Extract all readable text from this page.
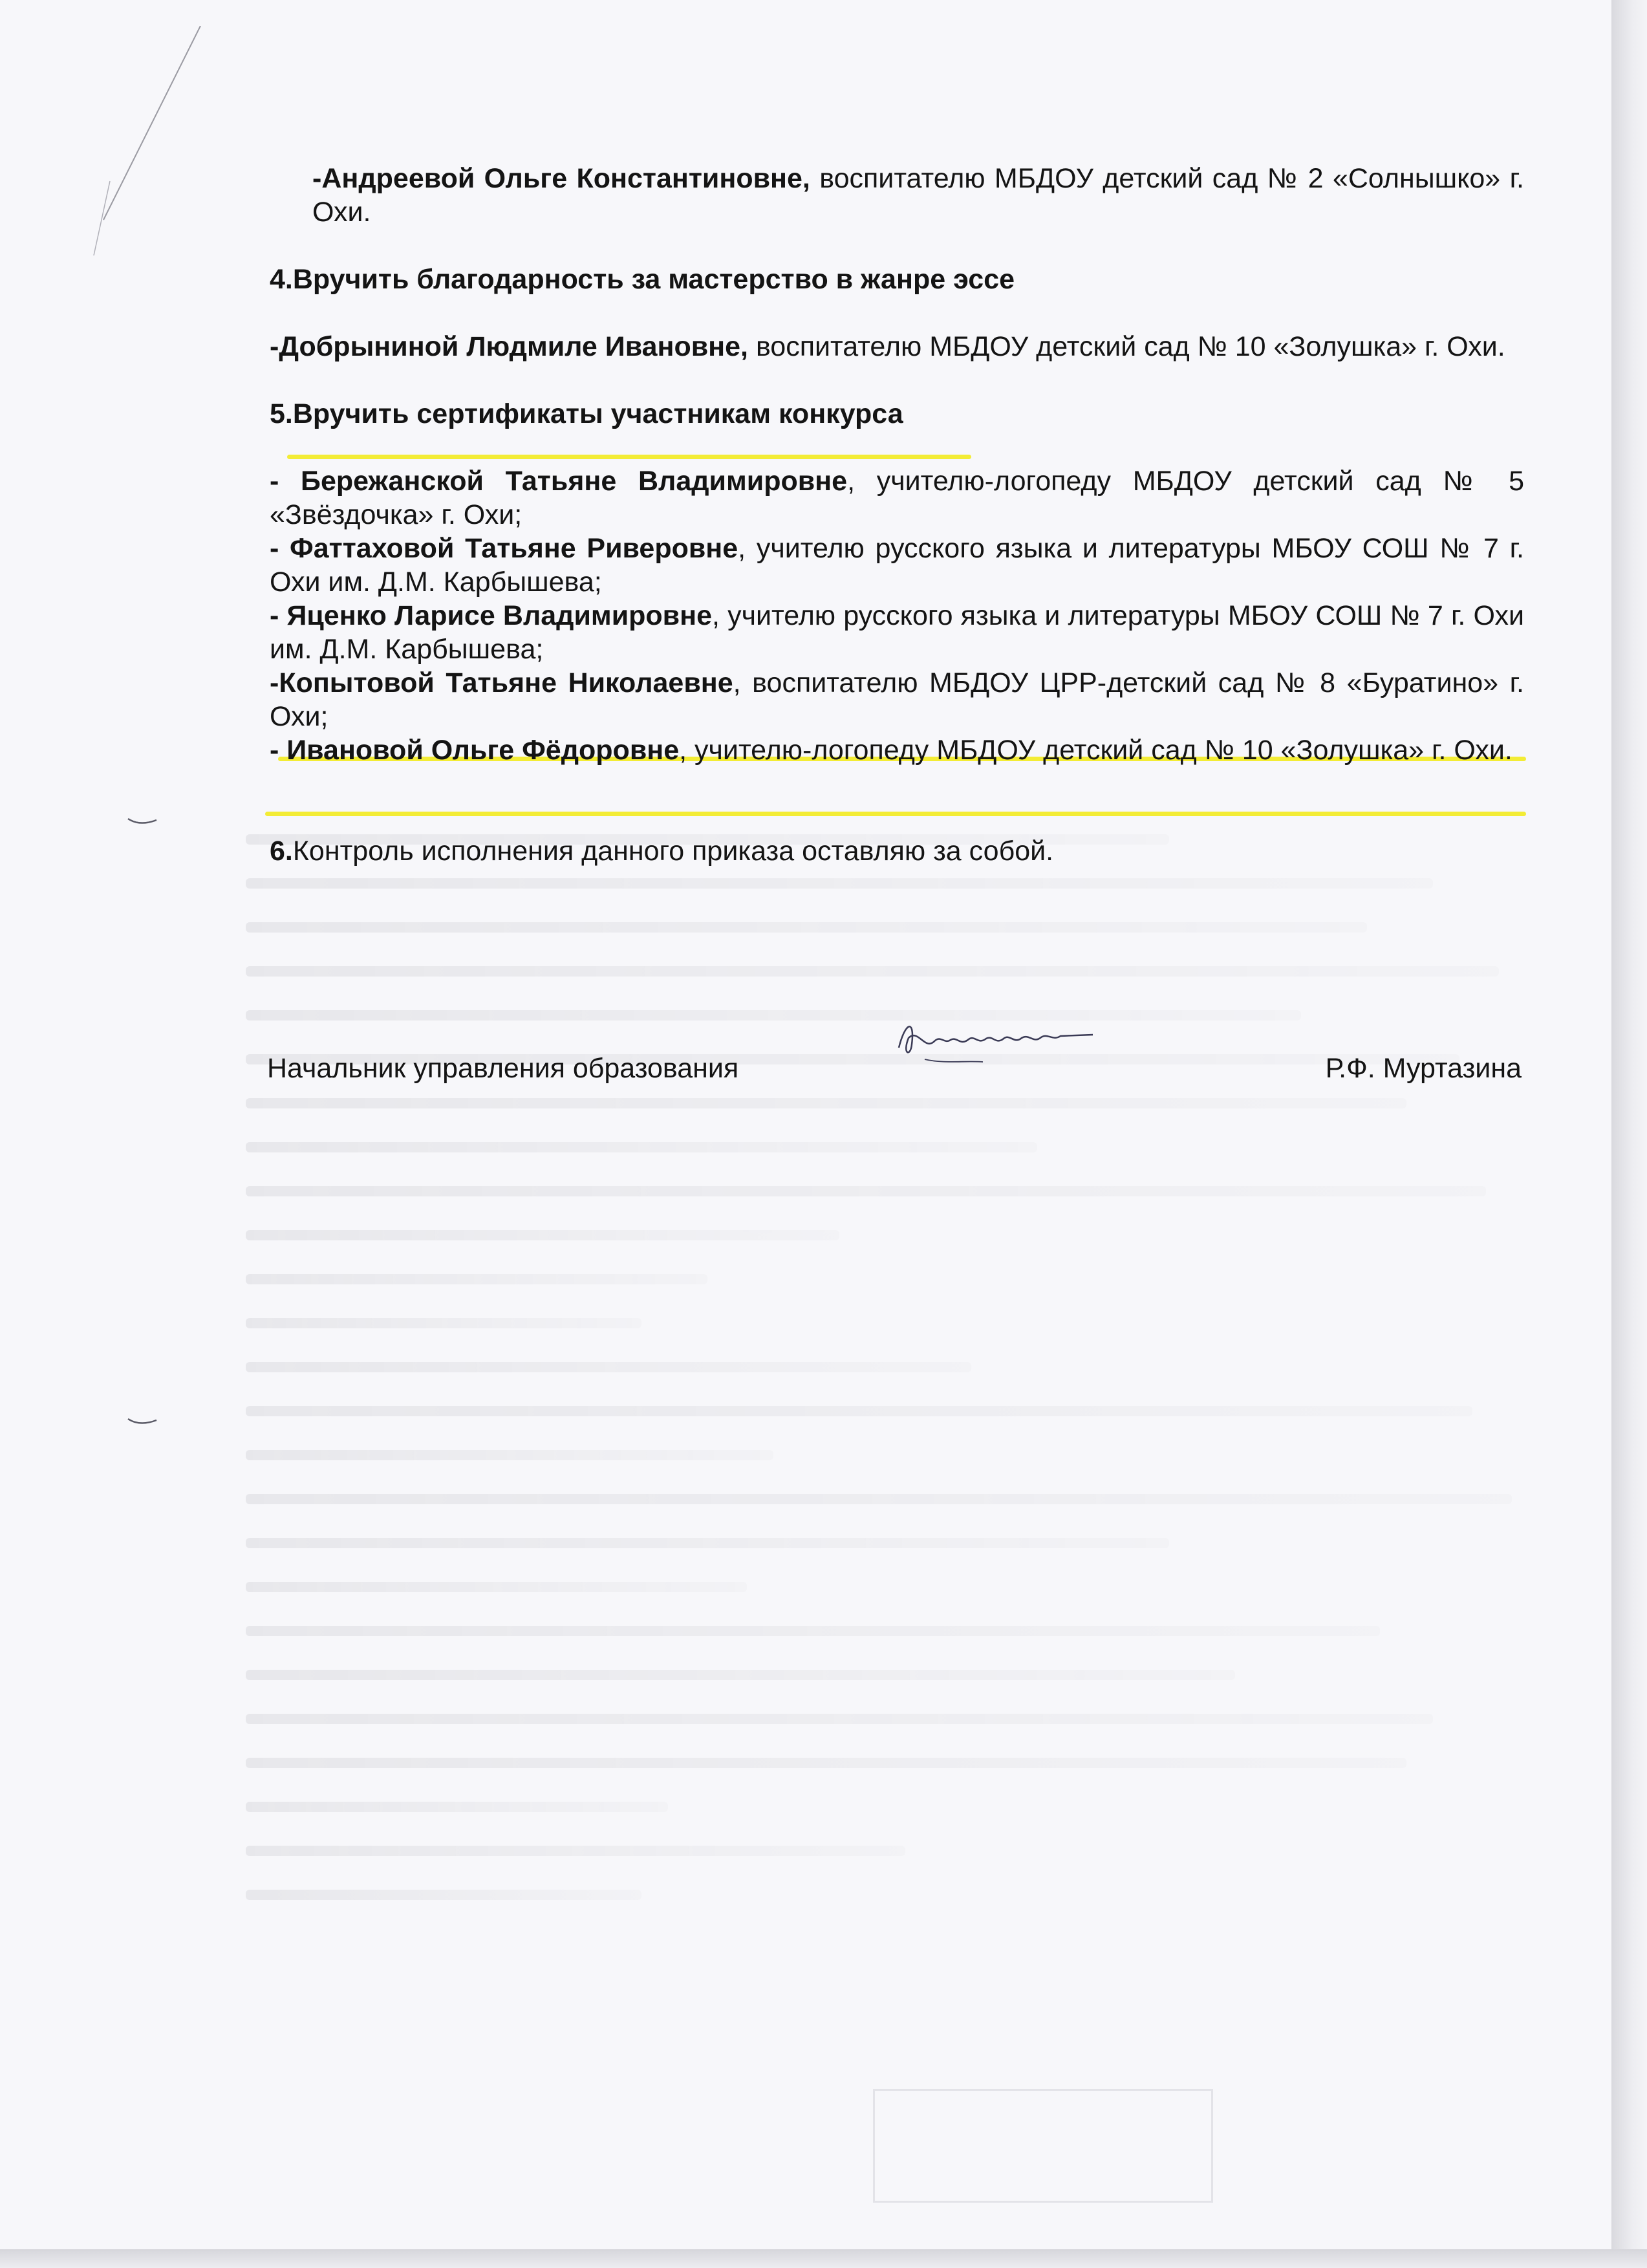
-Андреевой Ольге Константиновне, воспитателю МБДОУ детский сад № 2 «Солнышко» г. Охи.

4.Вручить благодарность за мастерство в жанре эссе

-Добрыниной Людмиле Ивановне, воспитателю МБДОУ детский сад № 10 «Золушка» г. Охи.

5.Вручить сертификаты участникам конкурса

- Бережанской Татьяне Владимировне, учителю-логопеду МБДОУ детский сад № 5 «Звёздочка» г. Охи;

- Фаттаховой Татьяне Риверовне, учителю русского языка и литературы МБОУ СОШ № 7 г. Охи им. Д.М. Карбышева;

- Яценко Ларисе Владимировне, учителю русского языка и литературы МБОУ СОШ № 7 г. Охи им. Д.М. Карбышева;

-Копытовой Татьяне Николаевне, воспитателю МБДОУ ЦРР-детский сад № 8 «Буратино» г. Охи;

- Ивановой Ольге Фёдоровне, учителю-логопеду МБДОУ детский сад № 10 «Золушка» г. Охи.

6.Контроль исполнения данного приказа оставляю за собой.

Начальник управления образования	Р.Ф. Муртазина
